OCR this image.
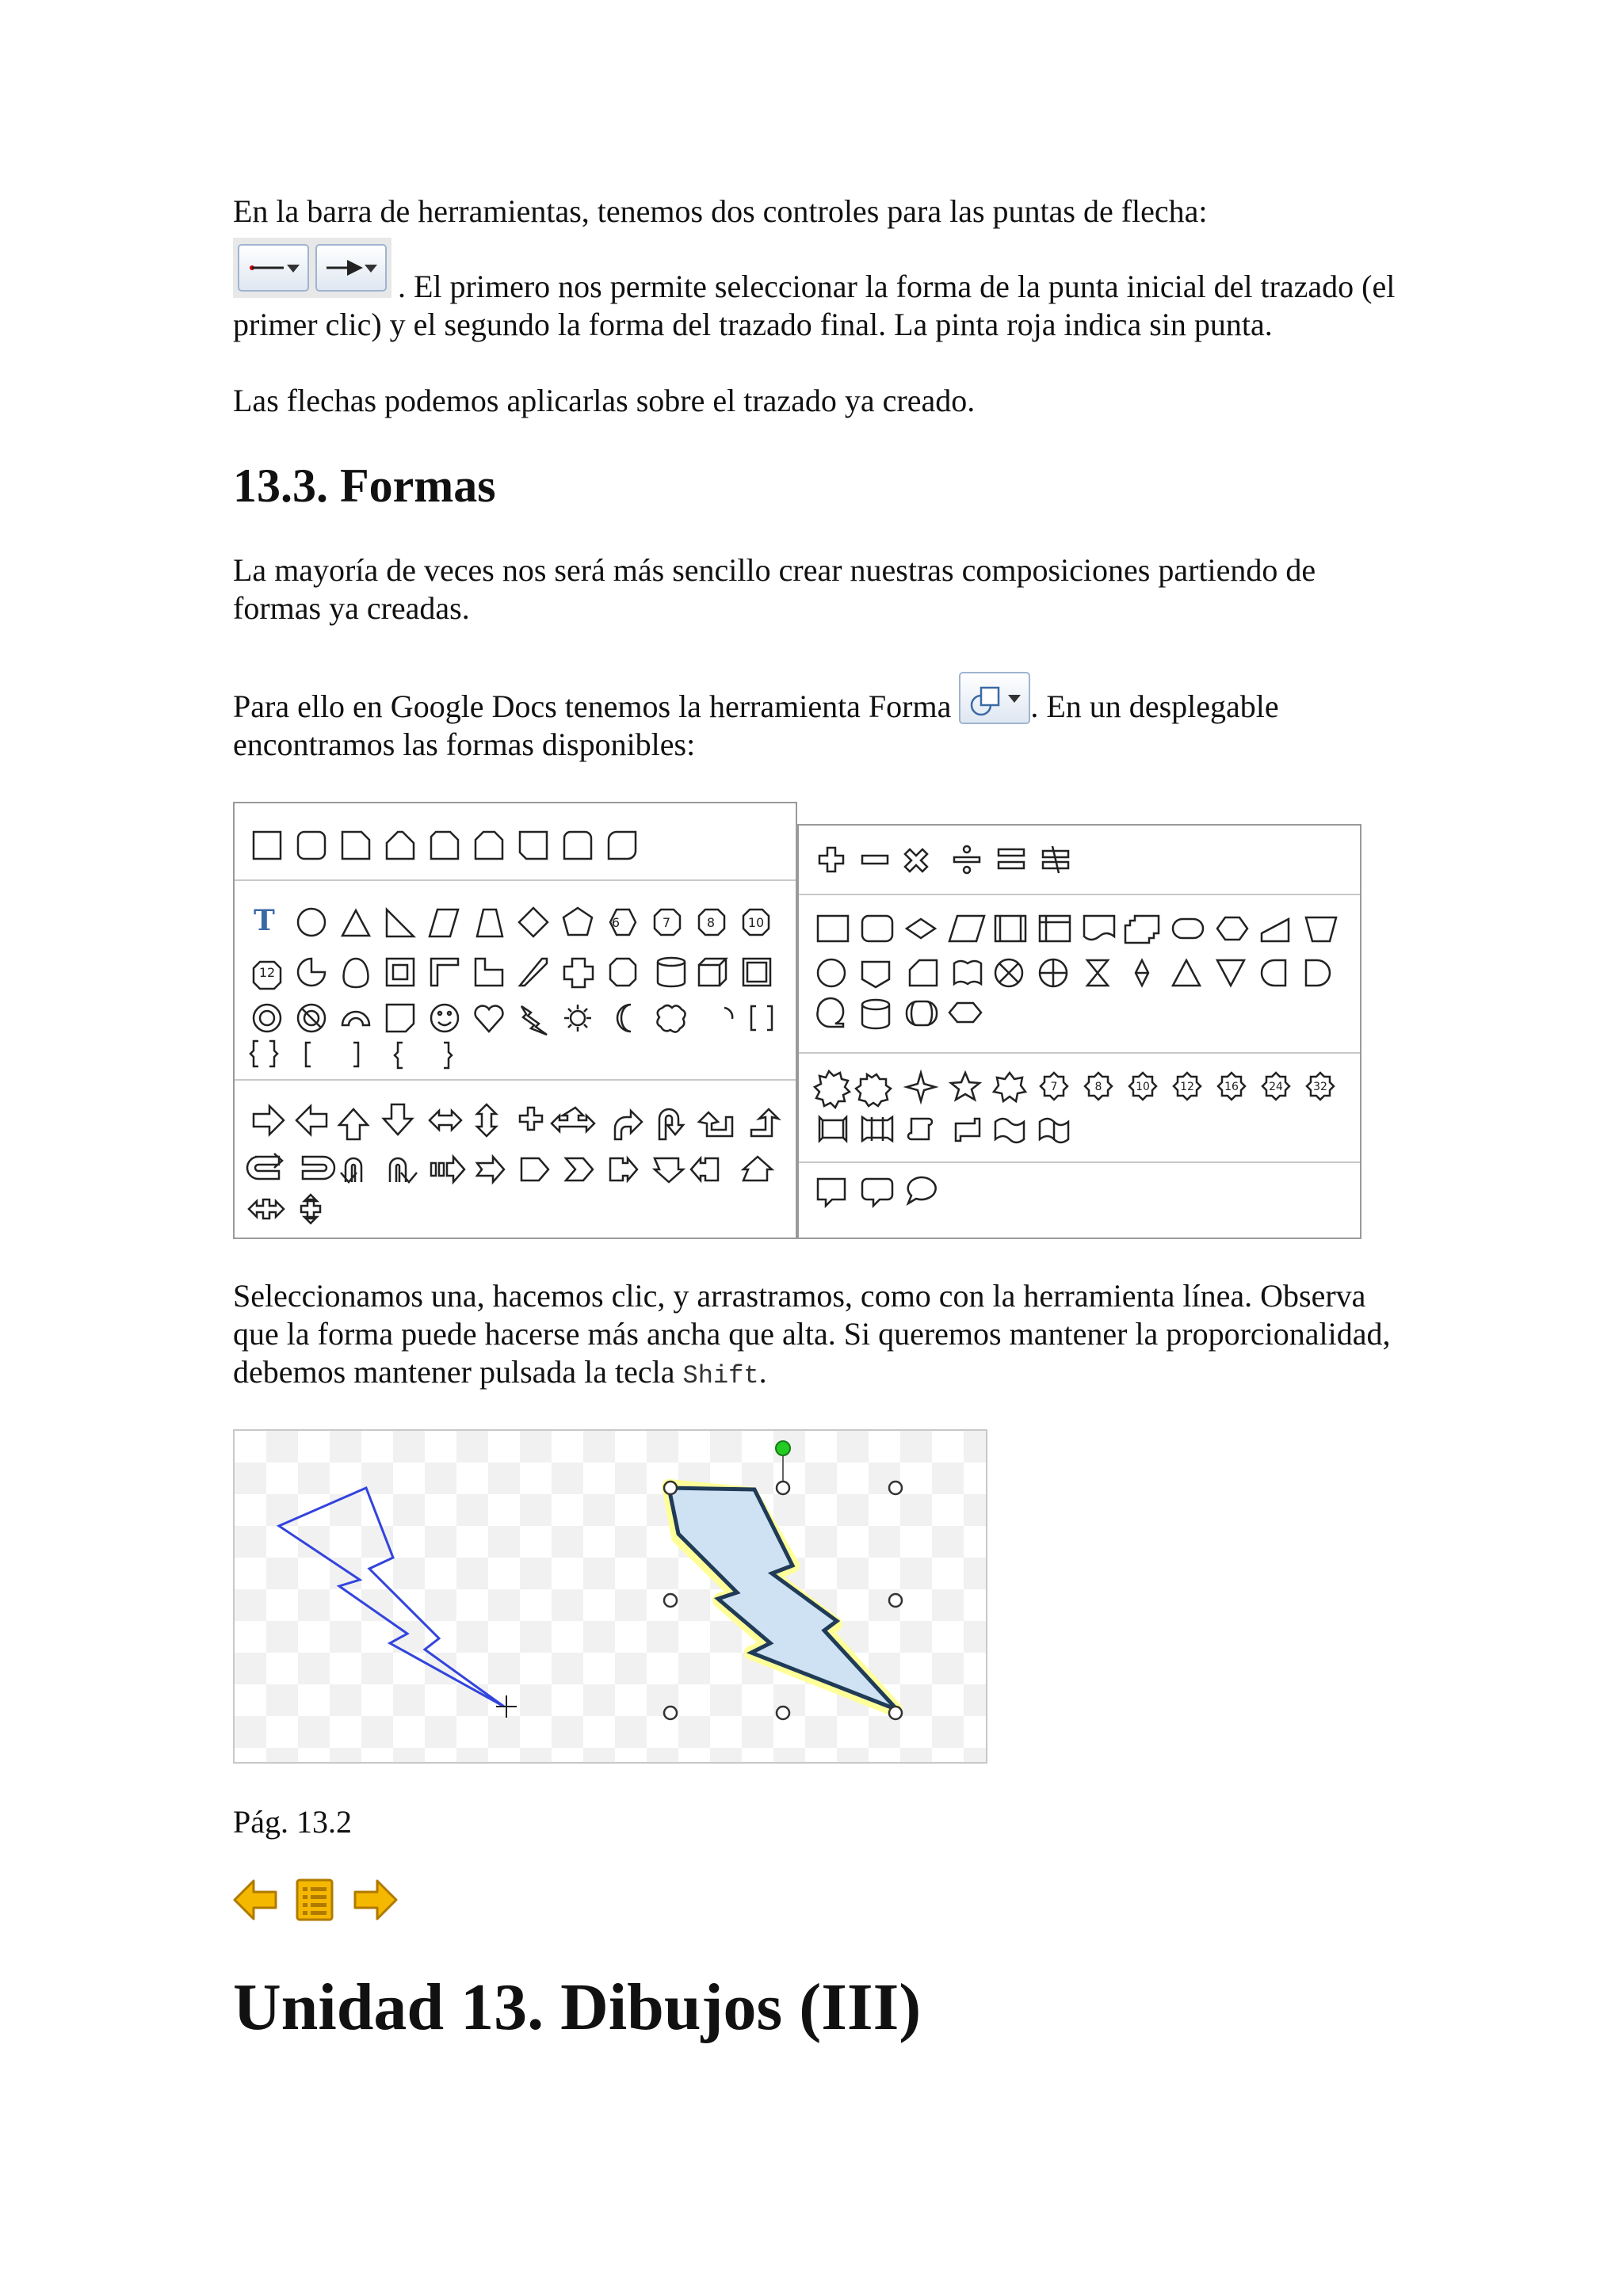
En la barra de herramientas, tenemos dos controles para las puntas de flecha:

. El primero nos permite seleccionar la forma de la punta inicial del trazado (el primer clic) y el segundo la forma del trazado final. La pinta roja indica sin punta.

Las flechas podemos aplicarlas sobre el trazado ya creado.

13.3. Formas

La mayoría de veces nos será más sencillo crear nuestras composiciones partiendo de formas ya creadas.

Para ello en Google Docs tenemos la herramienta Forma	. En un desplegable encontramos las formas disponibles:

T	6	7	8	10
12
7	8	10	12	16	24	32

Seleccionamos una, hacemos clic, y arrastramos, como con la herramienta línea. Observa que la forma puede hacerse más ancha que alta. Si queremos mantener la proporcionalidad, debemos mantener pulsada la tecla Shift.

Pág. 13.2

Unidad 13. Dibujos (III)
